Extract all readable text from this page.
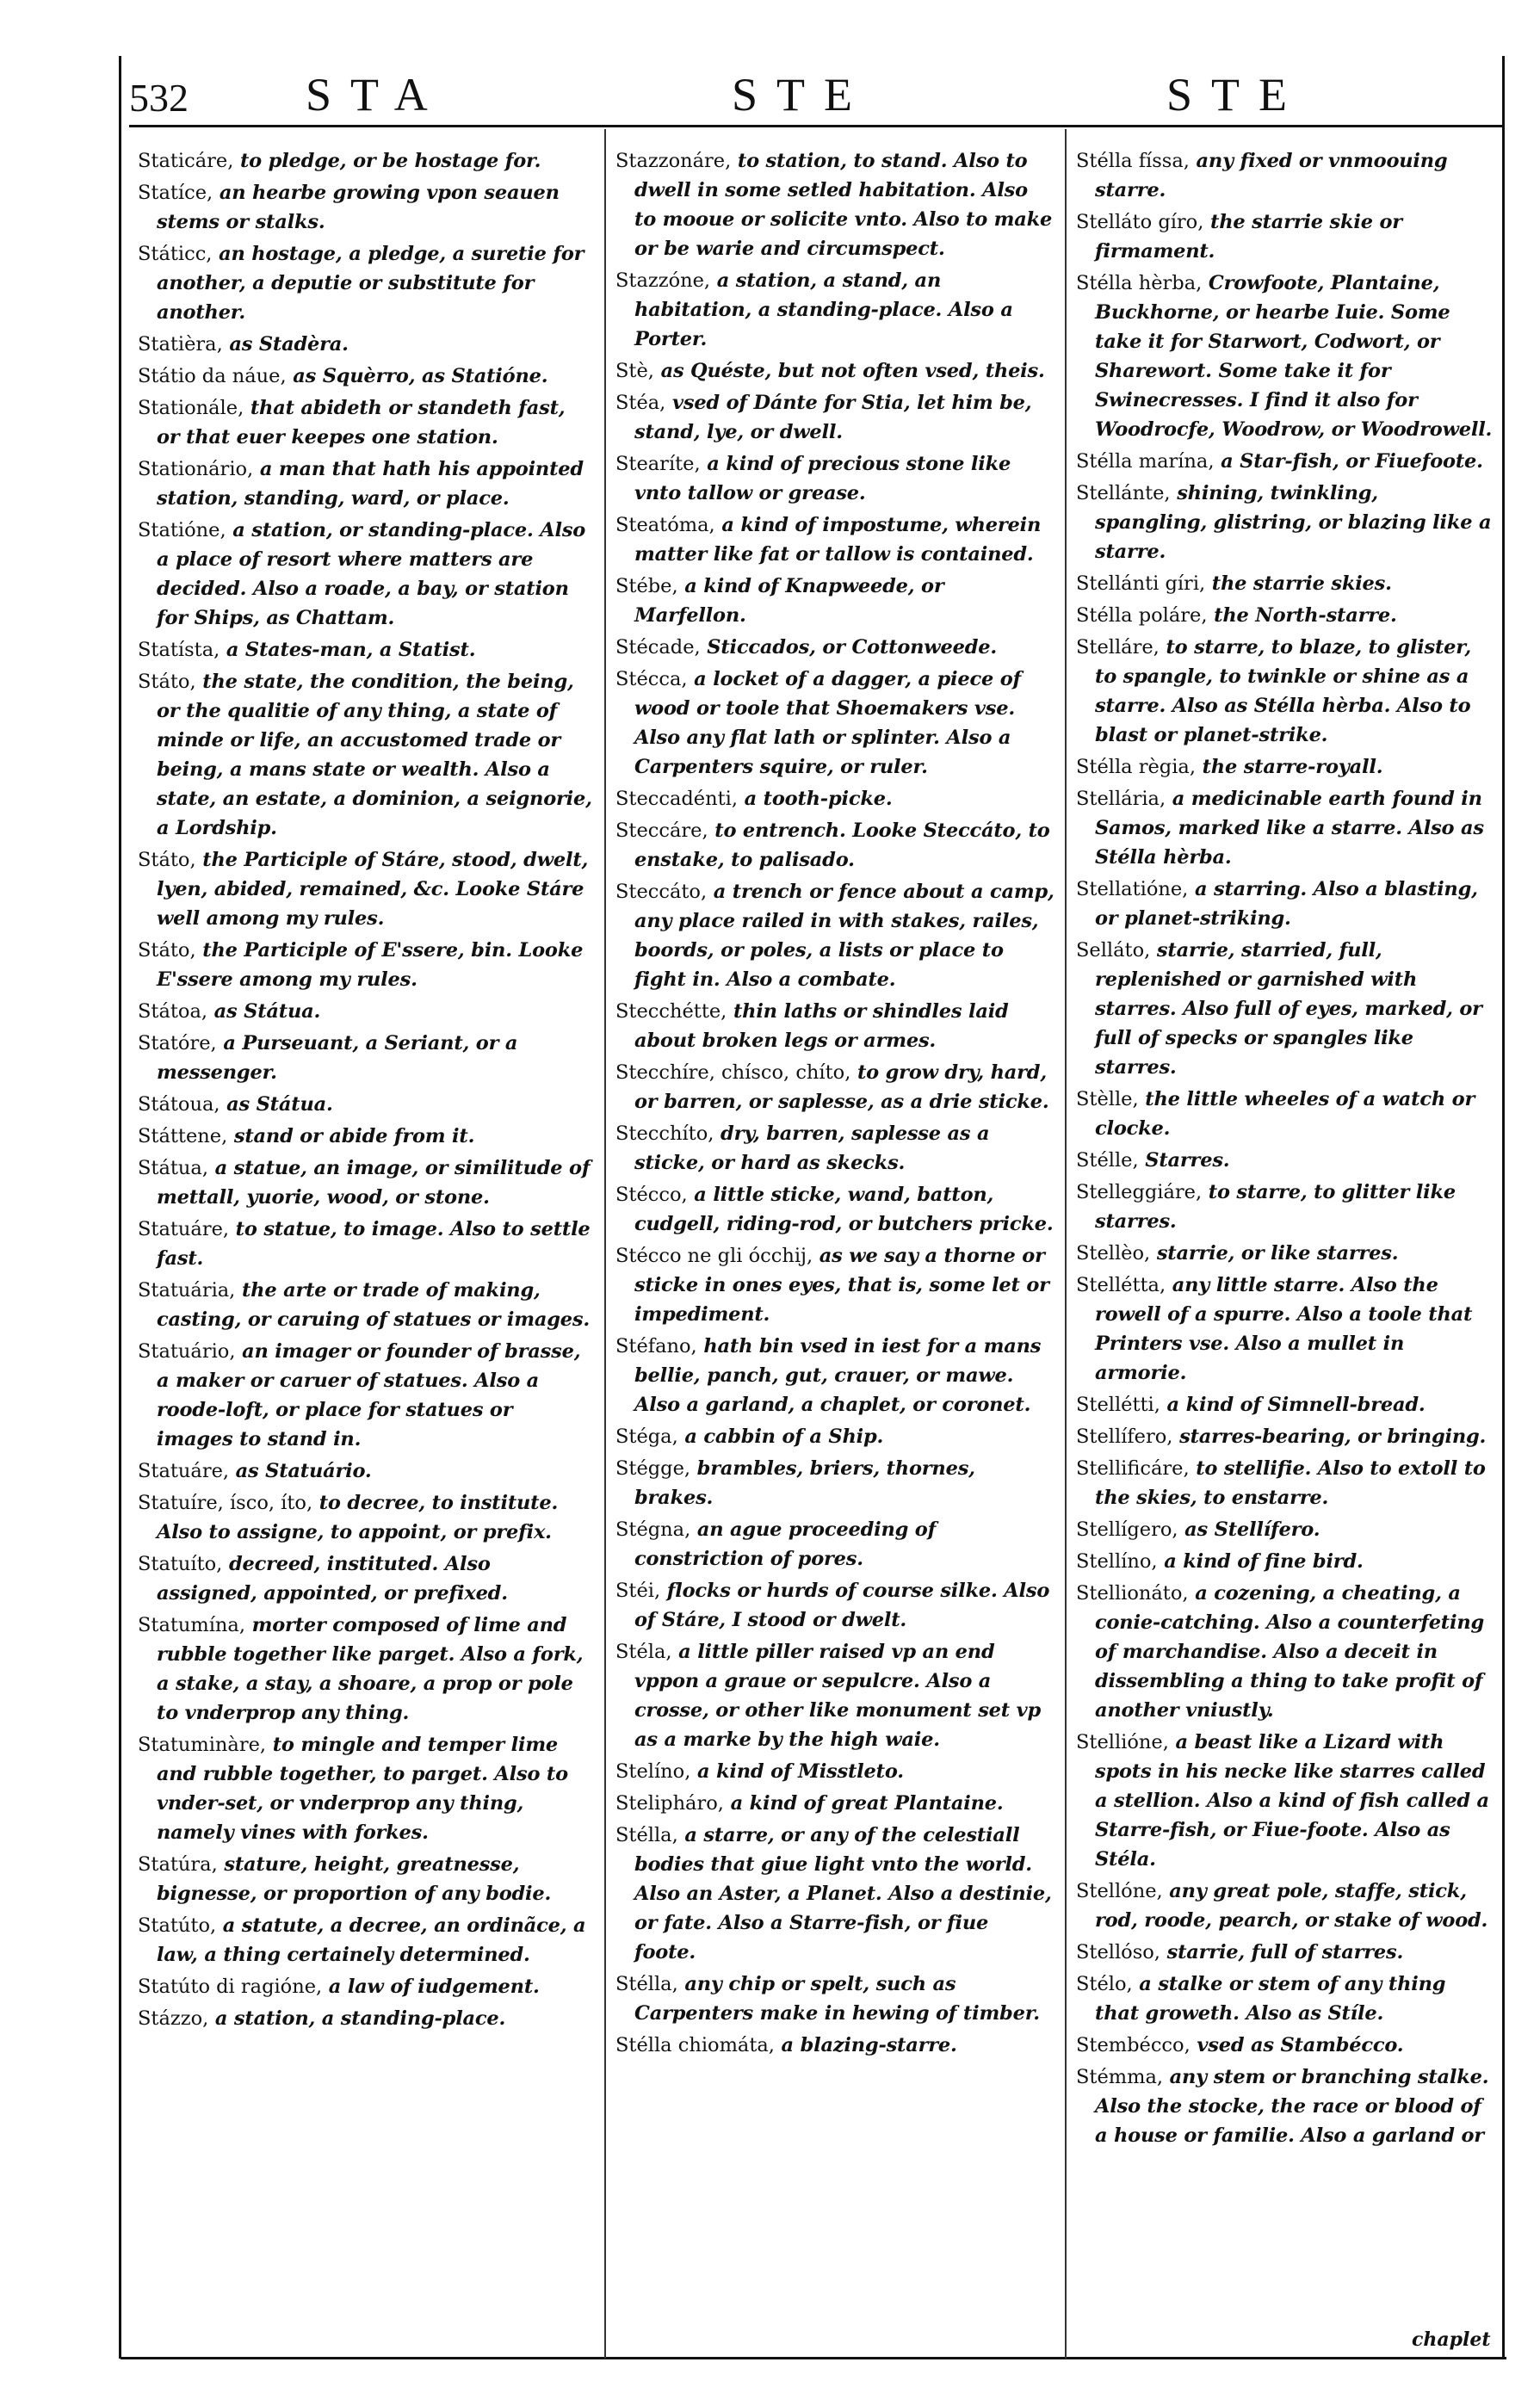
532	STA	STE	STE
Staticáre, to pledge, or be hostage for.
Statíce, an hearbe growing vpon seauen stems or stalks.
Státicc, an hostage, a pledge, a suretie for another, a deputie or substitute for another.
Statièra, as Stadèra.
Státio da náue, as Squèrro, as Statióne.
Stationále, that abideth or standeth fast, or that euer keepes one station.
Stationário, a man that hath his appointed station, standing, ward, or place.
Statióne, a station, or standing-place. Also a place of resort where matters are decided. Also a roade, a bay, or station for Ships, as Chattam.
Statísta, a States-man, a Statist.
Státo, the state, the condition, the being, or the qualitie of any thing, a state of minde or life, an accustomed trade or being, a mans state or wealth. Also a state, an estate, a dominion, a seignorie, a Lordship.
Státo, the Participle of Stáre, stood, dwelt, lyen, abided, remained, &c. Looke Stáre well among my rules.
Státo, the Participle of E'ssere, bin. Looke E'ssere among my rules.
Státoa, as Státua.
Statóre, a Purseuant, a Seriant, or a messenger.
Státoua, as Státua.
Státtene, stand or abide from it.
Státua, a statue, an image, or similitude of mettall, yuorie, wood, or stone.
Statuáre, to statue, to image. Also to settle fast.
Statuária, the arte or trade of making, casting, or caruing of statues or images.
Statuário, an imager or founder of brasse, a maker or caruer of statues. Also a roode-loft, or place for statues or images to stand in.
Statuáre, as Statuário.
Statuíre, ísco, íto, to decree, to institute. Also to assigne, to appoint, or prefix.
Statuíto, decreed, instituted. Also assigned, appointed, or prefixed.
Statumína, morter composed of lime and rubble together like parget. Also a fork, a stake, a stay, a shoare, a prop or pole to vnderprop any thing.
Statuminàre, to mingle and temper lime and rubble together, to parget. Also to vnder-set, or vnderprop any thing, namely vines with forkes.
Statúra, stature, height, greatnesse, bignesse, or proportion of any bodie.
Statúto, a statute, a decree, an ordinãce, a law, a thing certainely determined.
Statúto di ragióne, a law of iudgement.
Stázzo, a station, a standing-place.
Stazzonáre, to station, to stand. Also to dwell in some setled habitation. Also to mooue or solicite vnto. Also to make or be warie and circumspect.
Stazzóne, a station, a stand, an habitation, a standing-place. Also a Porter.
Stè, as Quéste, but not often vsed, theis.
Stéa, vsed of Dánte for Stia, let him be, stand, lye, or dwell.
Stearíte, a kind of precious stone like vnto tallow or grease.
Steatóma, a kind of impostume, wherein matter like fat or tallow is contained.
Stébe, a kind of Knapweede, or Marfellon.
Stécade, Sticcados, or Cottonweede.
Stécca, a locket of a dagger, a piece of wood or toole that Shoemakers vse. Also any flat lath or splinter. Also a Carpenters squire, or ruler.
Steccadénti, a tooth-picke.
Steccáre, to entrench. Looke Steccáto, to enstake, to palisado.
Steccáto, a trench or fence about a camp, any place railed in with stakes, railes, boords, or poles, a lists or place to fight in. Also a combate.
Stecchétte, thin laths or shindles laid about broken legs or armes.
Stecchíre, chísco, chíto, to grow dry, hard, or barren, or saplesse, as a drie sticke.
Stecchíto, dry, barren, saplesse as a sticke, or hard as skecks.
Stécco, a little sticke, wand, batton, cudgell, riding-rod, or butchers pricke.
Stécco ne gli ócchij, as we say a thorne or sticke in ones eyes, that is, some let or impediment.
Stéfano, hath bin vsed in iest for a mans bellie, panch, gut, crauer, or mawe. Also a garland, a chaplet, or coronet.
Stéga, a cabbin of a Ship.
Stégge, brambles, briers, thornes, brakes.
Stégna, an ague proceeding of constriction of pores.
Stéi, flocks or hurds of course silke. Also of Stáre, I stood or dwelt.
Stéla, a little piller raised vp an end vppon a graue or sepulcre. Also a crosse, or other like monument set vp as a marke by the high waie.
Stelíno, a kind of Misstleto.
Stelipháro, a kind of great Plantaine.
Stélla, a starre, or any of the celestiall bodies that giue light vnto the world. Also an Aster, a Planet. Also a destinie, or fate. Also a Starre-fish, or fiue foote.
Stélla, any chip or spelt, such as Carpenters make in hewing of timber.
Stélla chiomáta, a blazing-starre.
Stélla físsa, any fixed or vnmoouing starre.
Stelláto gíro, the starrie skie or firmament.
Stélla hèrba, Crowfoote, Plantaine, Buckhorne, or hearbe Iuie. Some take it for Starwort, Codwort, or Sharewort. Some take it for Swinecresses. I find it also for Woodrocfe, Woodrow, or Woodrowell.
Stélla marína, a Star-fish, or Fiuefoote.
Stellánte, shining, twinkling, spangling, glistring, or blazing like a starre.
Stellánti gíri, the starrie skies.
Stélla poláre, the North-starre.
Stelláre, to starre, to blaze, to glister, to spangle, to twinkle or shine as a starre. Also as Stélla hèrba. Also to blast or planet-strike.
Stélla règia, the starre-royall.
Stellária, a medicinable earth found in Samos, marked like a starre. Also as Stélla hèrba.
Stellatióne, a starring. Also a blasting, or planet-striking.
Selláto, starrie, starried, full, replenished or garnished with starres. Also full of eyes, marked, or full of specks or spangles like starres.
Stèlle, the little wheeles of a watch or clocke.
Stélle, Starres.
Stelleggiáre, to starre, to glitter like starres.
Stellèo, starrie, or like starres.
Stellétta, any little starre. Also the rowell of a spurre. Also a toole that Printers vse. Also a mullet in armorie.
Stellétti, a kind of Simnell-bread.
Stellífero, starres-bearing, or bringing.
Stellificáre, to stellifie. Also to extoll to the skies, to enstarre.
Stellígero, as Stellífero.
Stellíno, a kind of fine bird.
Stellionáto, a cozening, a cheating, a conie-catching. Also a counterfeting of marchandise. Also a deceit in dissembling a thing to take profit of another vniustly.
Stellióne, a beast like a Lizard with spots in his necke like starres called a stellion. Also a kind of fish called a Starre-fish, or Fiue-foote. Also as Stéla.
Stellóne, any great pole, staffe, stick, rod, roode, pearch, or stake of wood.
Stellóso, starrie, full of starres.
Stélo, a stalke or stem of any thing that groweth. Also as Stíle.
Stembécco, vsed as Stambécco.
Stémma, any stem or branching stalke. Also the stocke, the race or blood of a house or familie. Also a garland or
chaplet
